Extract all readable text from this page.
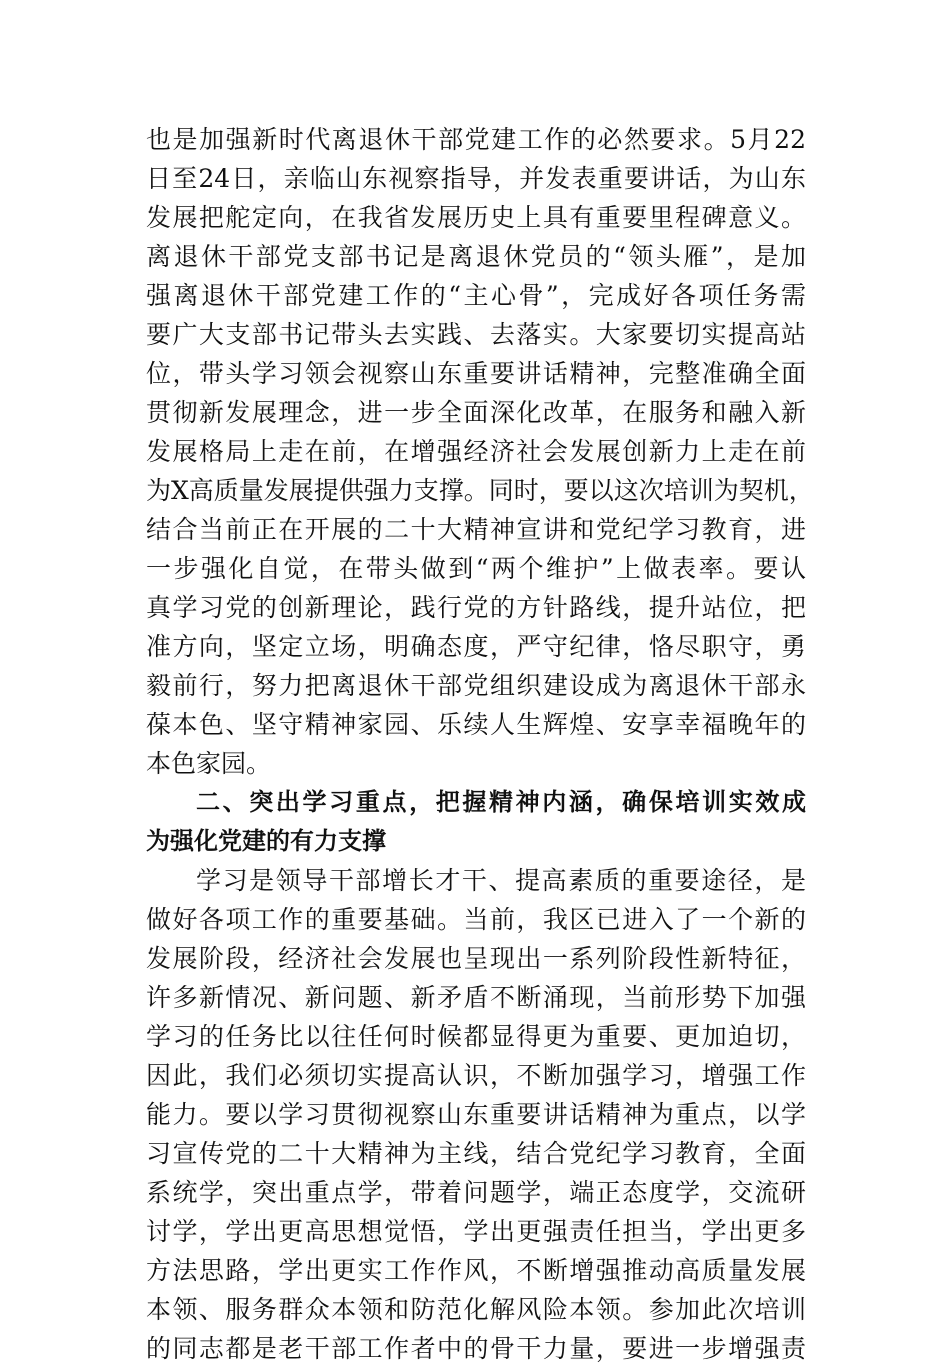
也是加强新时代离退休干部党建工作的必然要求。5月22
日至24日，亲临山东视察指导，并发表重要讲话，为山东
发展把舵定向，在我省发展历史上具有重要里程碑意义。
离退休干部党支部书记是离退休党员的“领头雁”，是加
强离退休干部党建工作的“主心骨”，完成好各项任务需
要广大支部书记带头去实践、去落实。大家要切实提高站
位，带头学习领会视察山东重要讲话精神，完整准确全面
贯彻新发展理念，进一步全面深化改革，在服务和融入新
发展格局上走在前，在增强经济社会发展创新力上走在前
为X高质量发展提供强力支撑。同时，要以这次培训为契机，
结合当前正在开展的二十大精神宣讲和党纪学习教育，进
一步强化自觉，在带头做到“两个维护”上做表率。要认
真学习党的创新理论，践行党的方针路线，提升站位，把
准方向，坚定立场，明确态度，严守纪律，恪尽职守，勇
毅前行，努力把离退休干部党组织建设成为离退休干部永
葆本色、坚守精神家园、乐续人生辉煌、安享幸福晚年的
本色家园。
二、突出学习重点，把握精神内涵，确保培训实效成
为强化党建的有力支撑
学习是领导干部增长才干、提高素质的重要途径，是
做好各项工作的重要基础。当前，我区已进入了一个新的
发展阶段，经济社会发展也呈现出一系列阶段性新特征，
许多新情况、新问题、新矛盾不断涌现，当前形势下加强
学习的任务比以往任何时候都显得更为重要、更加迫切，
因此，我们必须切实提高认识，不断加强学习，增强工作
能力。要以学习贯彻视察山东重要讲话精神为重点，以学
习宣传党的二十大精神为主线，结合党纪学习教育，全面
系统学，突出重点学，带着问题学，端正态度学，交流研
讨学，学出更高思想觉悟，学出更强责任担当，学出更多
方法思路，学出更实工作作风，不断增强推动高质量发展
本领、服务群众本领和防范化解风险本领。参加此次培训
的同志都是老干部工作者中的骨干力量，要进一步增强责
